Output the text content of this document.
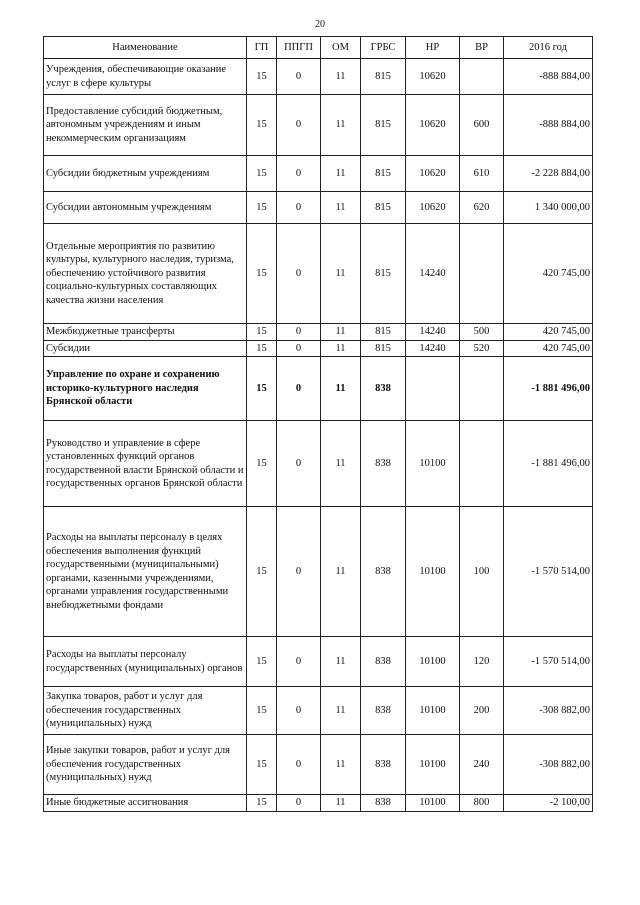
20
Наименование	ГП	ППГП	ОМ	ГРБС	НР	ВР	2016 год
Учреждения, обеспечивающие оказание услуг в сфере культуры	15	0	11	815	10620		-888 884,00
Предоставление субсидий бюджетным, автономным учреждениям и иным некоммерческим организациям	15	0	11	815	10620	600	-888 884,00
Субсидии бюджетным учреждениям	15	0	11	815	10620	610	-2 228 884,00
Субсидии автономным учреждениям	15	0	11	815	10620	620	1 340 000,00
Отдельные мероприятия по развитию культуры, культурного наследия, туризма, обеспечению устойчивого развития социально-культурных составляющих качества жизни населения	15	0	11	815	14240		420 745,00
Межбюджетные трансферты	15	0	11	815	14240	500	420 745,00
Субсидии	15	0	11	815	14240	520	420 745,00
Управление по охране и сохранению историко-культурного наследия Брянской области	15	0	11	838			-1 881 496,00
Руководство и управление в сфере установленных функций органов государственной власти Брянской области и государственных органов Брянской области	15	0	11	838	10100		-1 881 496,00
Расходы на выплаты персоналу в целях обеспечения выполнения функций государственными (муниципальными) органами, казенными учреждениями, органами управления государственными внебюджетными фондами	15	0	11	838	10100	100	-1 570 514,00
Расходы на выплаты персоналу государственных (муниципальных) органов	15	0	11	838	10100	120	-1 570 514,00
Закупка товаров, работ и услуг для обеспечения государственных (муниципальных) нужд	15	0	11	838	10100	200	-308 882,00
Иные закупки товаров, работ и услуг для обеспечения государственных (муниципальных) нужд	15	0	11	838	10100	240	-308 882,00
Иные бюджетные ассигнования	15	0	11	838	10100	800	-2 100,00
